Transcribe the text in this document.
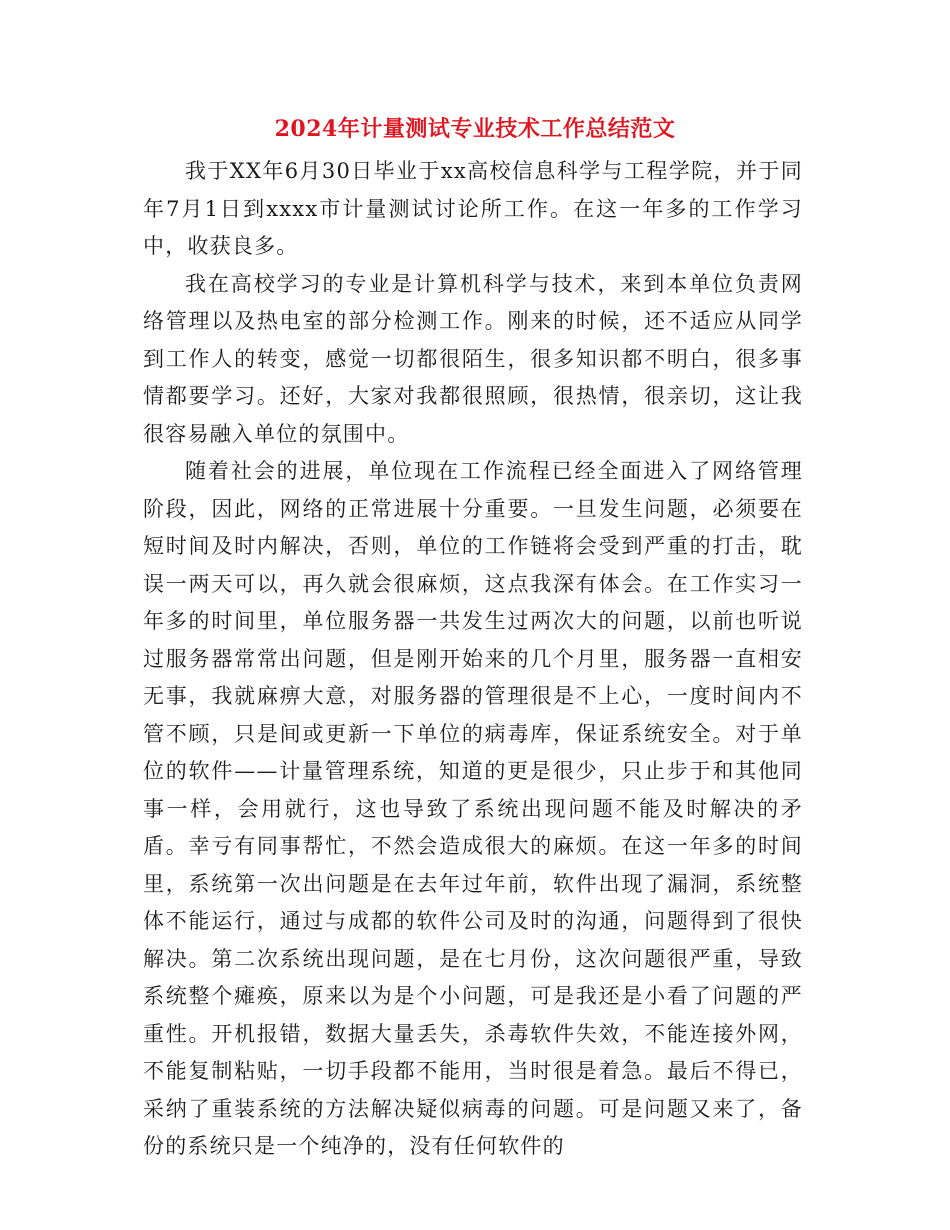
2024年计量测试专业技术工作总结范文

我于XX年6月30日毕业于xx高校信息科学与工程学院，并于同年7月1日到xxxx市计量测试讨论所工作。在这一年多的工作学习中，收获良多。

我在高校学习的专业是计算机科学与技术，来到本单位负责网络管理以及热电室的部分检测工作。刚来的时候，还不适应从同学到工作人的转变，感觉一切都很陌生，很多知识都不明白，很多事情都要学习。还好，大家对我都很照顾，很热情，很亲切，这让我很容易融入单位的氛围中。

随着社会的进展，单位现在工作流程已经全面进入了网络管理阶段，因此，网络的正常进展十分重要。一旦发生问题，必须要在短时间及时内解决，否则，单位的工作链将会受到严重的打击，耽误一两天可以，再久就会很麻烦，这点我深有体会。在工作实习一年多的时间里，单位服务器一共发生过两次大的问题，以前也听说过服务器常常出问题，但是刚开始来的几个月里，服务器一直相安无事，我就麻痹大意，对服务器的管理很是不上心，一度时间内不管不顾，只是间或更新一下单位的病毒库，保证系统安全。对于单位的软件——计量管理系统，知道的更是很少，只止步于和其他同事一样，会用就行，这也导致了系统出现问题不能及时解决的矛盾。幸亏有同事帮忙，不然会造成很大的麻烦。在这一年多的时间里，系统第一次出问题是在去年过年前，软件出现了漏洞，系统整体不能运行，通过与成都的软件公司及时的沟通，问题得到了很快解决。第二次系统出现问题，是在七月份，这次问题很严重，导致系统整个瘫痪，原来以为是个小问题，可是我还是小看了问题的严重性。开机报错，数据大量丢失，杀毒软件失效，不能连接外网，不能复制粘贴，一切手段都不能用，当时很是着急。最后不得已，采纳了重装系统的方法解决疑似病毒的问题。可是问题又来了，备份的系统只是一个纯净的，没有任何软件的
